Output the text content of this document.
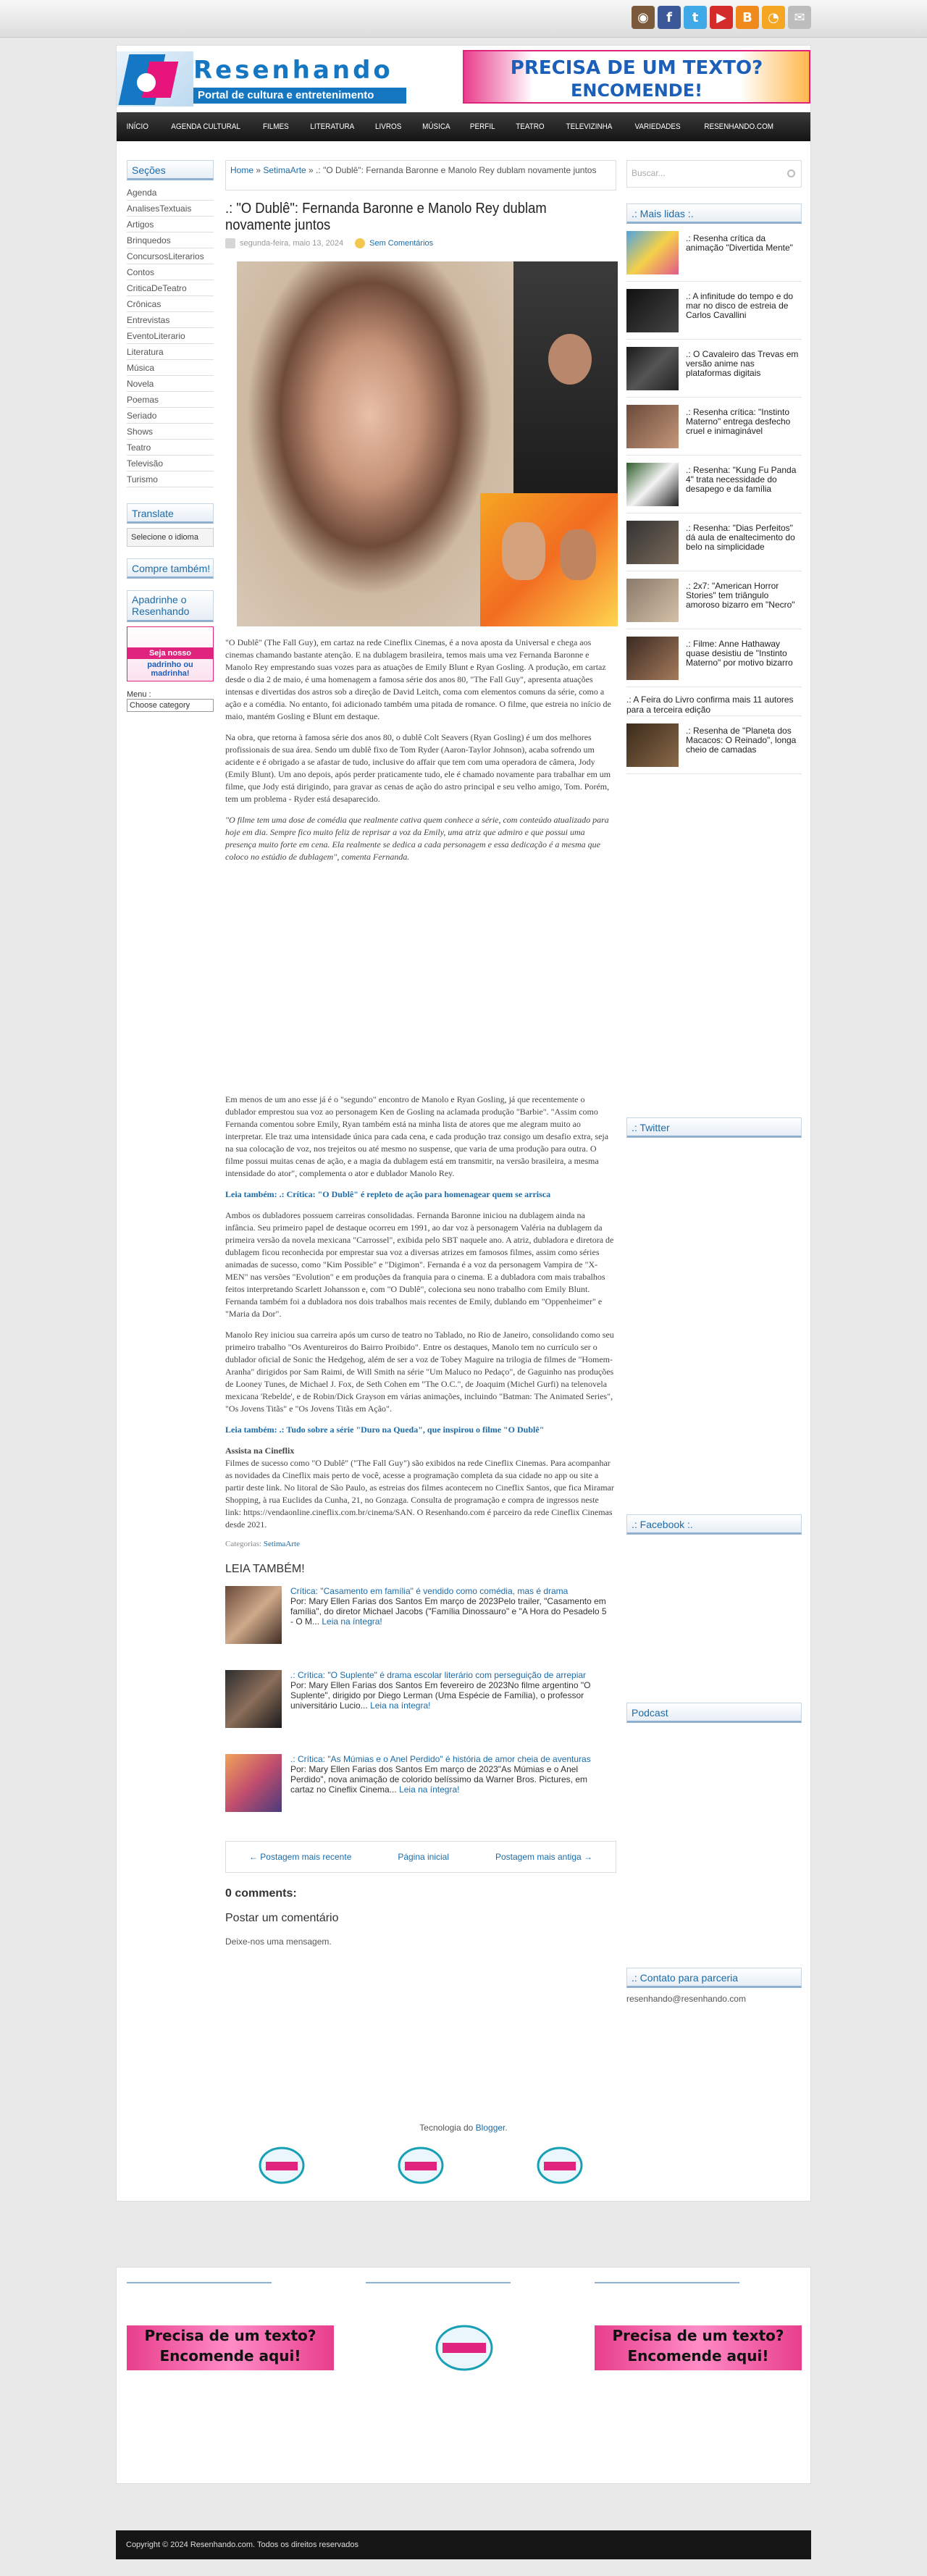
◉	f	t	▶	B	◔	✉
Resenhando
Portal de cultura e entretenimento
PRECISA DE UM TEXTO?
ENCOMENDE!
INÍCIO	AGENDA CULTURAL	FILMES	LITERATURA	LIVROS	MÚSICA	PERFIL	TEATRO	TELEVIZINHA	VARIEDADES	RESENHANDO.COM
Seções
Agenda
AnalisesTextuais
Artigos
Brinquedos
ConcursosLiterarios
Contos
CriticaDeTeatro
Crônicas
Entrevistas
EventoLiterario
Literatura
Música
Novela
Poemas
Seriado
Shows
Teatro
Televisão
Turismo
Translate
Selecione o idioma
Compre também!
Apadrinhe o Resenhando
Seja nosso
padrinho ou madrinha!
Menu :
Choose category
Home » SetimaArte » .: "O Dublê": Fernanda Baronne e Manolo Rey dublam novamente juntos
.: "O Dublê": Fernanda Baronne e Manolo Rey dublam novamente juntos
segunda-feira, maio 13, 2024	Sem Comentários

"O Dublê" (The Fall Guy), em cartaz na rede Cineflix Cinemas, é a nova aposta da Universal e chega aos cinemas chamando bastante atenção. E na dublagem brasileira, temos mais uma vez Fernanda Baronne e Manolo Rey emprestando suas vozes para as atuações de Emily Blunt e Ryan Gosling. A produção, em cartaz desde o dia 2 de maio, é uma homenagem a famosa série dos anos 80, "The Fall Guy", apresenta atuações intensas e divertidas dos astros sob a direção de David Leitch, coma com elementos comuns da série, como a ação e a comédia. No entanto, foi adicionado também uma pitada de romance. O filme, que estreia no início de maio, mantém Gosling e Blunt em destaque.

Na obra, que retorna à famosa série dos anos 80, o dublê Colt Seavers (Ryan Gosling) é um dos melhores profissionais de sua área. Sendo um dublê fixo de Tom Ryder (Aaron-Taylor Johnson), acaba sofrendo um acidente e é obrigado a se afastar de tudo, inclusive do affair que tem com uma operadora de câmera, Jody (Emily Blunt). Um ano depois, após perder praticamente tudo, ele é chamado novamente para trabalhar em um filme, que Jody está dirigindo, para gravar as cenas de ação do astro principal e seu velho amigo, Tom. Porém, tem um problema - Ryder está desaparecido.

"O filme tem uma dose de comédia que realmente cativa quem conhece a série, com conteúdo atualizado para hoje em dia. Sempre fico muito feliz de reprisar a voz da Emily, uma atriz que admiro e que possui uma presença muito forte em cena. Ela realmente se dedica a cada personagem e essa dedicação é a mesma que coloco no estúdio de dublagem", comenta Fernanda.

Em menos de um ano esse já é o "segundo" encontro de Manolo e Ryan Gosling, já que recentemente o dublador emprestou sua voz ao personagem Ken de Gosling na aclamada produção "Barbie". "Assim como Fernanda comentou sobre Emily, Ryan também está na minha lista de atores que me alegram muito ao interpretar. Ele traz uma intensidade única para cada cena, e cada produção traz consigo um desafio extra, seja na sua colocação de voz, nos trejeitos ou até mesmo no suspense, que varia de uma produção para outra. O filme possui muitas cenas de ação, e a magia da dublagem está em transmitir, na versão brasileira, a mesma intensidade do ator", complementa o ator e dublador Manolo Rey.

Leia também: .: Crítica: "O Dublê" é repleto de ação para homenagear quem se arrisca

Ambos os dubladores possuem carreiras consolidadas. Fernanda Baronne iniciou na dublagem ainda na infância. Seu primeiro papel de destaque ocorreu em 1991, ao dar voz à personagem Valéria na dublagem da primeira versão da novela mexicana "Carrossel", exibida pelo SBT naquele ano. A atriz, dubladora e diretora de dublagem ficou reconhecida por emprestar sua voz a diversas atrizes em famosos filmes, assim como séries animadas de sucesso, como "Kim Possible" e "Digimon". Fernanda é a voz da personagem Vampira de "X-MEN" nas versões "Evolution" e em produções da franquia para o cinema. E a dubladora com mais trabalhos feitos interpretando Scarlett Johansson e, com "O Dublê", coleciona seu nono trabalho com Emily Blunt. Fernanda também foi a dubladora nos dois trabalhos mais recentes de Emily, dublando em "Oppenheimer" e "Maria da Dor".

Manolo Rey iniciou sua carreira após um curso de teatro no Tablado, no Rio de Janeiro, consolidando como seu primeiro trabalho "Os Aventureiros do Bairro Proibido". Entre os destaques, Manolo tem no currículo ser o dublador oficial de Sonic the Hedgehog, além de ser a voz de Tobey Maguire na trilogia de filmes de "Homem-Aranha" dirigidos por Sam Raimi, de Will Smith na série "Um Maluco no Pedaço", de Gaguinho nas produções de Looney Tunes, de Michael J. Fox, de Seth Cohen em "The O.C.", de Joaquim (Michel Gurfi) na telenovela mexicana 'Rebelde', e de Robin/Dick Grayson em várias animações, incluindo "Batman: The Animated Series", "Os Jovens Titãs" e "Os Jovens Titãs em Ação".

Leia também: .: Tudo sobre a série "Duro na Queda", que inspirou o filme "O Dublê"

Assista na Cineflix

Filmes de sucesso como "O Dublê" ("The Fall Guy") são exibidos na rede Cineflix Cinemas. Para acompanhar as novidades da Cineflix mais perto de você, acesse a programação completa da sua cidade no app ou site a partir deste link. No litoral de São Paulo, as estreias dos filmes acontecem no Cineflix Santos, que fica Miramar Shopping, à rua Euclides da Cunha, 21, no Gonzaga. Consulta de programação e compra de ingressos neste link: https://vendaonline.cineflix.com.br/cinema/SAN. O Resenhando.com é parceiro da rede Cineflix Cinemas desde 2021.

Categorias: SetimaArte
LEIA TAMBÉM!
Crítica: "Casamento em família" é vendido como comédia, mas é drama
Por: Mary Ellen Farias dos Santos Em março de 2023Pelo trailer, "Casamento em família", do diretor Michael Jacobs ("Família Dinossauro" e "A Hora do Pesadelo 5 - O M... Leia na íntegra!
.: Crítica: "O Suplente" é drama escolar literário com perseguição de arrepiar
Por: Mary Ellen Farias dos Santos Em fevereiro de 2023No filme argentino "O Suplente", dirigido por Diego Lerman (Uma Espécie de Família), o professor universitário Lucio... Leia na íntegra!
.: Crítica: "As Múmias e o Anel Perdido" é história de amor cheia de aventuras
Por: Mary Ellen Farias dos Santos Em março de 2023"As Múmias e o Anel Perdido", nova animação de colorido belíssimo da Warner Bros. Pictures, em cartaz no Cineflix Cinema... Leia na íntegra!
← Postagem mais recente	Página inicial	Postagem mais antiga →
0 comments:
Postar um comentário
Deixe-nos uma mensagem.
Buscar...
.: Mais lidas :.
.: Resenha crítica da animação "Divertida Mente"
.: A infinitude do tempo e do mar no disco de estreia de Carlos Cavallini
.: O Cavaleiro das Trevas em versão anime nas plataformas digitais
.: Resenha crítica: "Instinto Materno" entrega desfecho cruel e inimaginável
.: Resenha: "Kung Fu Panda 4" trata necessidade do desapego e da família
.: Resenha: "Dias Perfeitos" dá aula de enaltecimento do belo na simplicidade
.: 2x7: "American Horror Stories" tem triângulo amoroso bizarro em "Necro"
.: Filme: Anne Hathaway quase desistiu de "Instinto Materno" por motivo bizarro
.: A Feira do Livro confirma mais 11 autores para a terceira edição
.: Resenha de "Planeta dos Macacos: O Reinado", longa cheio de camadas
.: Twitter
.: Facebook :.
Podcast
.: Contato para parceria
resenhando@resenhando.com
Tecnologia do Blogger.
Precisa de um texto?
Encomende aqui!
Precisa de um texto?
Encomende aqui!
Copyright © 2024 Resenhando.com. Todos os direitos reservados
